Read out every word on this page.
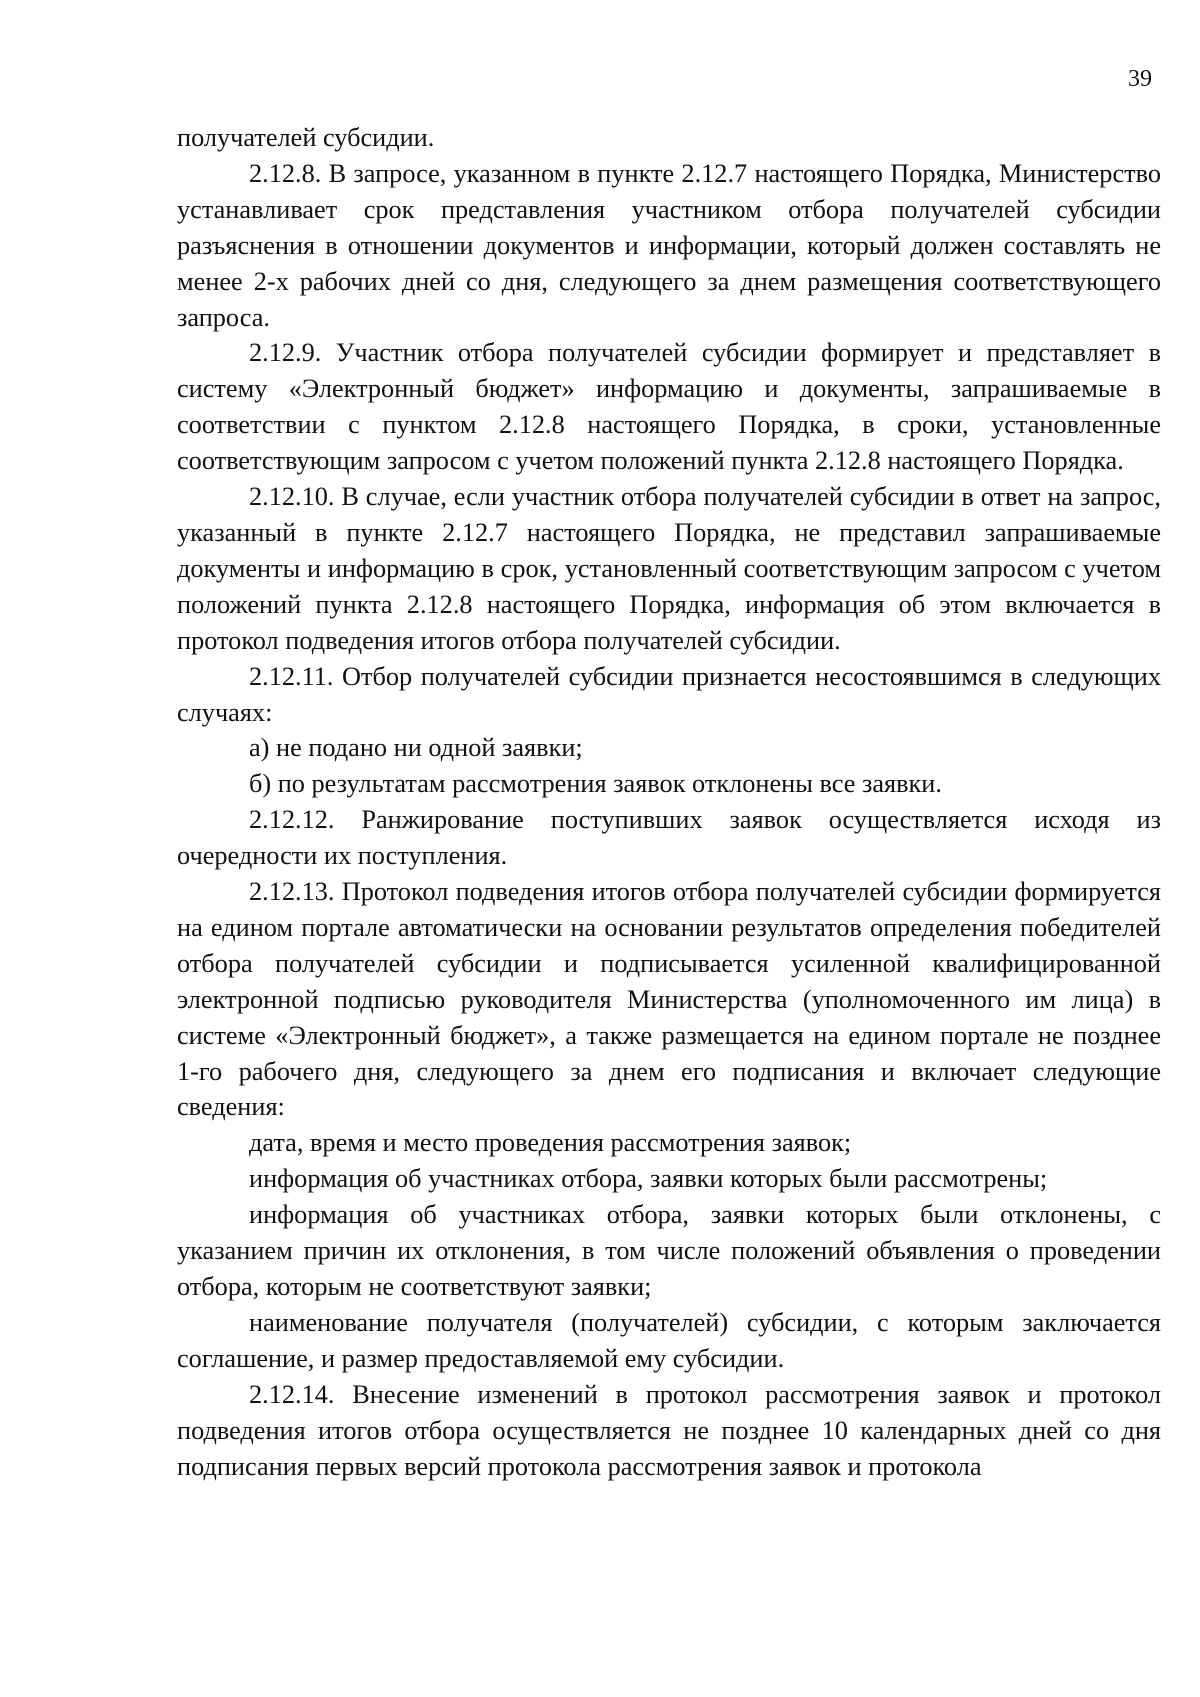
39

получателей субсидии.

2.12.8. В запросе, указанном в пункте 2.12.7 настоящего Порядка, Министерство устанавливает срок представления участником отбора получателей субсидии разъяснения в отношении документов и информации, который должен составлять не менее 2-х рабочих дней со дня, следующего за днем размещения соответствующего запроса.

2.12.9. Участник отбора получателей субсидии формирует и представляет в систему «Электронный бюджет» информацию и документы, запрашиваемые в соответствии с пунктом 2.12.8 настоящего Порядка, в сроки, установленные соответствующим запросом с учетом положений пункта 2.12.8 настоящего Порядка.

2.12.10. В случае, если участник отбора получателей субсидии в ответ на запрос, указанный в пункте 2.12.7 настоящего Порядка, не представил запрашиваемые документы и информацию в срок, установленный соответствующим запросом с учетом положений пункта 2.12.8 настоящего Порядка, информация об этом включается в протокол подведения итогов отбора получателей субсидии.

2.12.11. Отбор получателей субсидии признается несостоявшимся в следующих случаях:

а) не подано ни одной заявки;

б) по результатам рассмотрения заявок отклонены все заявки.

2.12.12. Ранжирование поступивших заявок осуществляется исходя из очередности их поступления.

2.12.13. Протокол подведения итогов отбора получателей субсидии формируется на едином портале автоматически на основании результатов определения победителей отбора получателей субсидии и подписывается усиленной квалифицированной электронной подписью руководителя Министерства (уполномоченного им лица) в системе «Электронный бюджет», а также размещается на едином портале не позднее 1-го рабочего дня, следующего за днем его подписания и включает следующие сведения:

дата, время и место проведения рассмотрения заявок;

информация об участниках отбора, заявки которых были рассмотрены;

информация об участниках отбора, заявки которых были отклонены, с указанием причин их отклонения, в том числе положений объявления о проведении отбора, которым не соответствуют заявки;

наименование получателя (получателей) субсидии, с которым заключается соглашение, и размер предоставляемой ему субсидии.

2.12.14. Внесение изменений в протокол рассмотрения заявок и протокол подведения итогов отбора осуществляется не позднее 10 календарных дней со дня подписания первых версий протокола рассмотрения заявок и протокола
